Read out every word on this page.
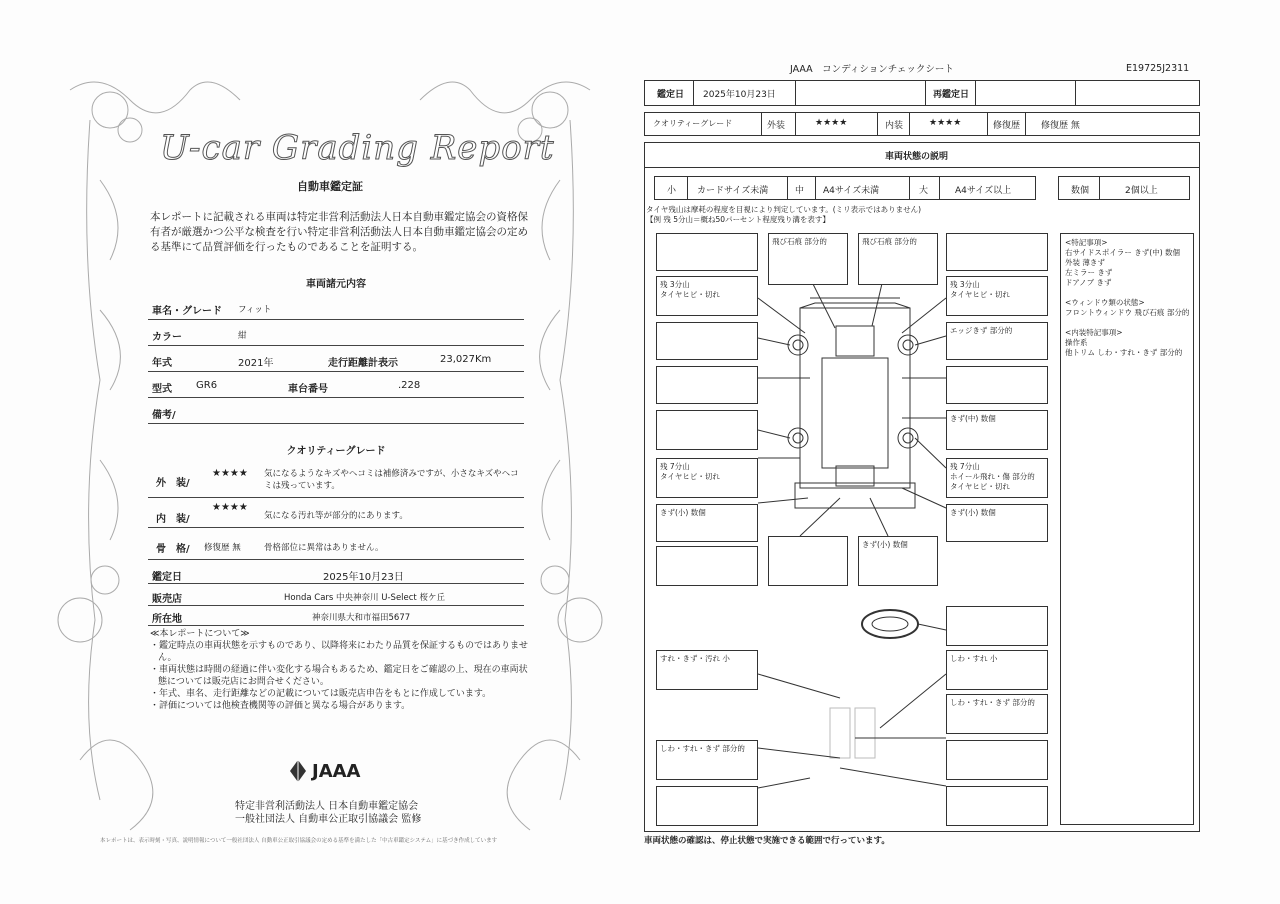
U-car Grading Report
自動車鑑定証
本レポートに記載される車両は特定非営利活動法人日本自動車鑑定協会の資格保有者が厳選かつ公平な検査を行い特定非営利活動法人日本自動車鑑定協会の定める基準にて品質評価を行ったものであることを証明する。
車両諸元内容
車名・グレード フィット
カラー	紺
年式	2021年	走行距離計表示	23,027Km
型式 GR6	車台番号	.228
備考/
クオリティーグレード
外　装/
★★★★ 気になるようなキズやヘコミは補修済みですが、小さなキズやヘコミは残っています。
内　装/
★★★★
気になる汚れ等が部分的にあります。
骨　格/ 修復歴 無	骨格部位に異常はありません。
鑑定日	2025年10月23日
販売店	Honda Cars 中央神奈川 U-Select 桜ケ丘
所在地	神奈川県大和市福田5677
≪本レポートについて≫

・鑑定時点の車両状態を示すものであり、以降将来にわたり品質を保証するものではありません。

・車両状態は時間の経過に伴い変化する場合もあるため、鑑定日をご確認の上、現在の車両状態については販売店にお問合せください。

・年式、車名、走行距離などの記載については販売店申告をもとに作成しています。

・評価については他検査機関等の評価と異なる場合があります。

JAAA
特定非営利活動法人 日本自動車鑑定協会
一般社団法人 自動車公正取引協議会 監修
本レポートは、表示時刻・写真、説明情報について一般社団法人 自動車公正取引協議会の定める基準を満たした「中古車鑑定システム」に基づき作成しています
JAAA　コンディションチェックシート	E19725J2311
鑑定日 2025年10月23日	再鑑定日
クオリティーグレード	外装	★★★★	内装	★★★★	修復歴 修復歴 無
車両状態の説明
小 カードサイズ未満	中 A4サイズ未満	大	A4サイズ以上	数個	2個以上
タイヤ残山は摩耗の程度を目視により判定しています。(ミリ表示ではありません)
【例 残 5分山＝概ね50パーセント程度残り溝を表す】
残 3分山
タイヤヒビ・切れ
残 7分山
タイヤヒビ・切れ
きず(小) 数個
飛び石痕 部分的	飛び石痕 部分的
きず(小) 数個
残 3分山
タイヤヒビ・切れ
エッジきず 部分的
きず(中) 数個
残 7分山
ホイール飛れ・傷 部分的
タイヤヒビ・切れ
きず(小) 数個
すれ・きず・汚れ 小	しわ・すれ 小
しわ・すれ・きず 部分的
しわ・すれ・きず 部分的
<特記事項>
右サイドスポイラー きず(中) 数個
外装 薄きず
左ミラー きず
ドアノブ きず
<ウィンドウ類の状態>
フロントウィンドウ 飛び石痕 部分的
<内装特記事項>
操作系
他トリム しわ・すれ・きず 部分的
車両状態の確認は、停止状態で実施できる範囲で行っています。
